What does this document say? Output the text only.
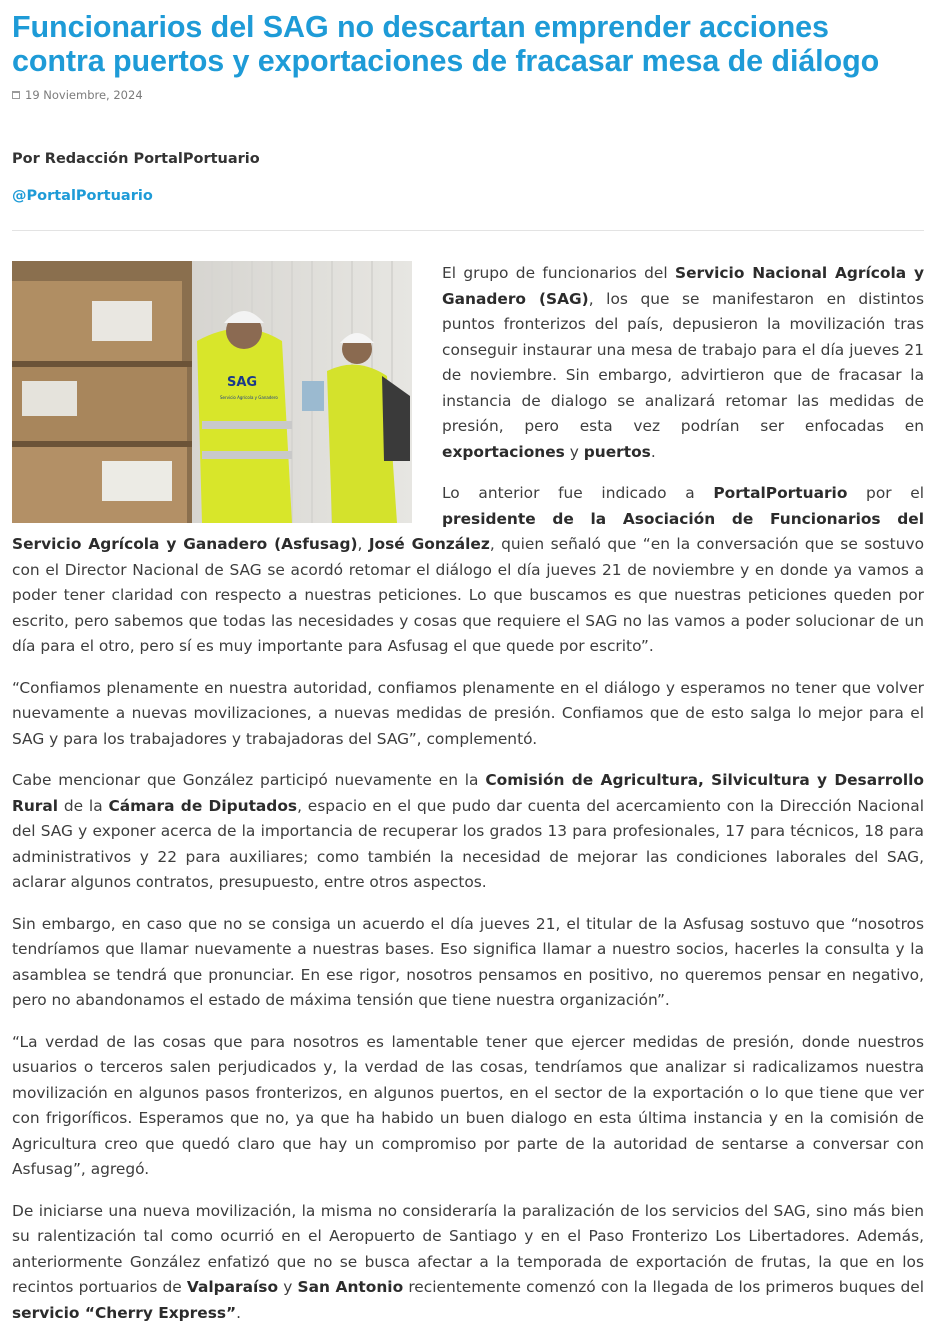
Funcionarios del SAG no descartan emprender acciones contra puertos y exportaciones de fracasar mesa de diálogo
19 Noviembre, 2024
Por Redacción PortalPortuario
@PortalPortuario
SAG
Servicio Agrícola y Ganadero

El grupo de funcionarios del Servicio Nacional Agrícola y Ganadero (SAG), los que se manifestaron en distintos puntos fronterizos del país, depusieron la movilización tras conseguir instaurar una mesa de trabajo para el día jueves 21 de noviembre. Sin embargo, advirtieron que de fracasar la instancia de dialogo se analizará retomar las medidas de presión, pero esta vez podrían ser enfocadas en exportaciones y puertos.

Lo anterior fue indicado a PortalPortuario por el presidente de la Asociación de Funcionarios del Servicio Agrícola y Ganadero (Asfusag), José González, quien señaló que “en la conversación que se sostuvo con el Director Nacional de SAG se acordó retomar el diálogo el día jueves 21 de noviembre y en donde ya vamos a poder tener claridad con respecto a nuestras peticiones. Lo que buscamos es que nuestras peticiones queden por escrito, pero sabemos que todas las necesidades y cosas que requiere el SAG no las vamos a poder solucionar de un día para el otro, pero sí es muy importante para Asfusag el que quede por escrito”.

“Confiamos plenamente en nuestra autoridad, confiamos plenamente en el diálogo y esperamos no tener que volver nuevamente a nuevas movilizaciones, a nuevas medidas de presión. Confiamos que de esto salga lo mejor para el SAG y para los trabajadores y trabajadoras del SAG”, complementó.

Cabe mencionar que González participó nuevamente en la Comisión de Agricultura, Silvicultura y Desarrollo Rural de la Cámara de Diputados, espacio en el que pudo dar cuenta del acercamiento con la Dirección Nacional del SAG y exponer acerca de la importancia de recuperar los grados 13 para profesionales, 17 para técnicos, 18 para administrativos y 22 para auxiliares; como también la necesidad de mejorar las condiciones laborales del SAG, aclarar algunos contratos, presupuesto, entre otros aspectos.

Sin embargo, en caso que no se consiga un acuerdo el día jueves 21, el titular de la Asfusag sostuvo que “nosotros tendríamos que llamar nuevamente a nuestras bases. Eso significa llamar a nuestro socios, hacerles la consulta y la asamblea se tendrá que pronunciar. En ese rigor, nosotros pensamos en positivo, no queremos pensar en negativo, pero no abandonamos el estado de máxima tensión que tiene nuestra organización”.

“La verdad de las cosas que para nosotros es lamentable tener que ejercer medidas de presión, donde nuestros usuarios o terceros salen perjudicados y, la verdad de las cosas, tendríamos que analizar si radicalizamos nuestra movilización en algunos pasos fronterizos, en algunos puertos, en el sector de la exportación o lo que tiene que ver con frigoríficos. Esperamos que no, ya que ha habido un buen dialogo en esta última instancia y en la comisión de Agricultura creo que quedó claro que hay un compromiso por parte de la autoridad de sentarse a conversar con Asfusag”, agregó.

De iniciarse una nueva movilización, la misma no consideraría la paralización de los servicios del SAG, sino más bien su ralentización tal como ocurrió en el Aeropuerto de Santiago y en el Paso Fronterizo Los Libertadores. Además, anteriormente González enfatizó que no se busca afectar a la temporada de exportación de frutas, la que en los recintos portuarios de Valparaíso y San Antonio recientemente comenzó con la llegada de los primeros buques del servicio “Cherry Express”.
